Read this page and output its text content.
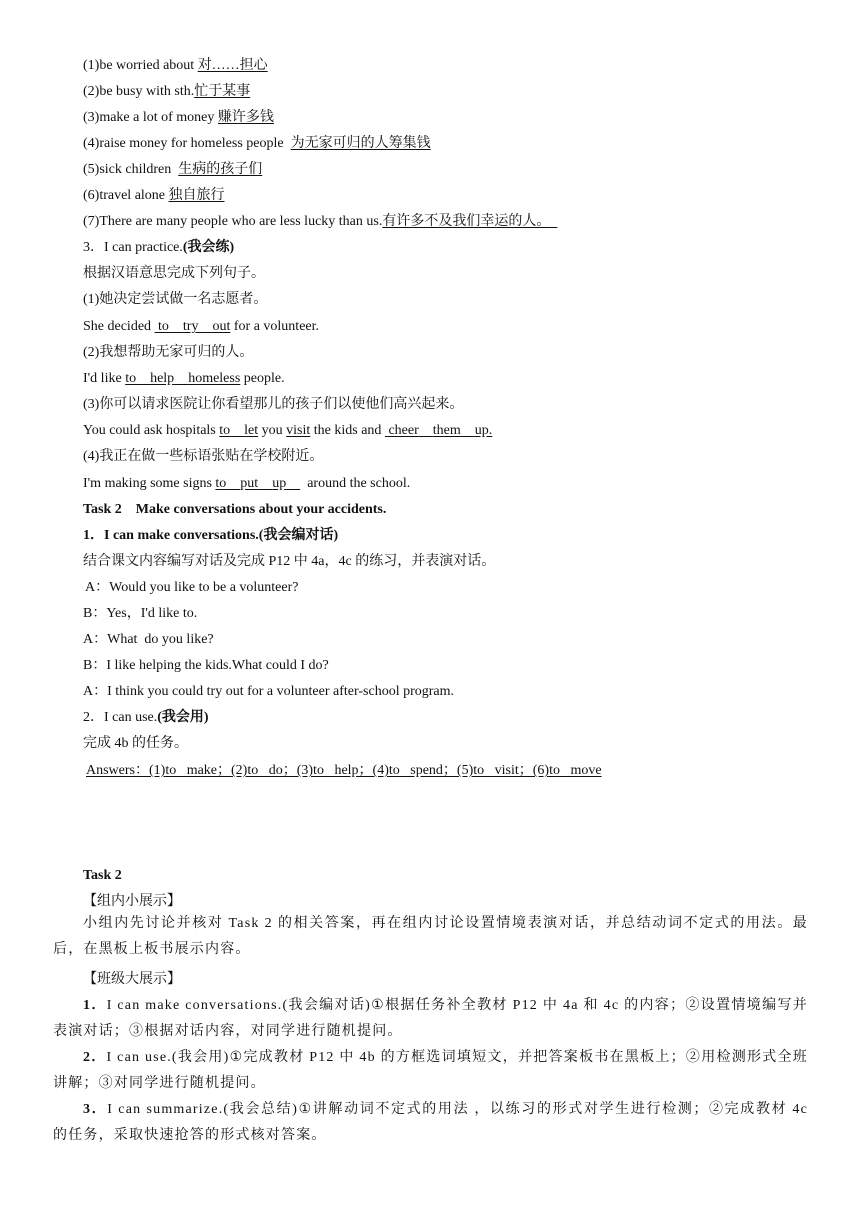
(1)be worried about 对……担心
(2)be busy with sth.忙于某事
(3)make a lot of money 赚许多钱
(4)raise money for homeless people  为无家可归的人筹集钱
(5)sick children  生病的孩子们
(6)travel alone 独自旅行
(7)There are many people who are less lucky than us.有许多不及我们幸运的人。
3．I can practice.(我会练)
根据汉语意思完成下列句子。
(1)她决定尝试做一名志愿者。
She decided  to try out for a volunteer.
(2)我想帮助无家可归的人。
I'd like to help homeless people.
(3)你可以请求医院让你看望那儿的孩子们以使他们高兴起来。
You could ask hospitals to let you visit the kids and  cheer them up.
(4)我正在做一些标语张贴在学校附近。
I'm making some signs to put up      around the school.
Task 2    Make conversations about your accidents.
1．I can make conversations.(我会编对话)
结合课文内容编写对话及完成 P12 中 4a，4c 的练习，并表演对话。
A：Would you like to be a volunteer?
B：Yes，I'd like to.
A：What  do you like?
B：I like helping the kids.What could I do?
A：I think you could try out for a volunteer after-school program.
2．I can use.(我会用)
完成 4b 的任务。
Answers：(1)to   make；(2)to   do；(3)to   help；(4)to   spend；(5)to   visit；(6)to   move
Task 2
【组内小展示】
小组内先讨论并核对 Task 2 的相关答案，再在组内讨论设置情境表演对话，并总结动词不定式的用法。最后，在黑板上板书展示内容。
【班级大展示】
1．I can make conversations.(我会编对话)①根据任务补全教材 P12 中 4a 和 4c 的内容；②设置情境编写并表演对话；③根据对话内容，对同学进行随机提问。
2．I can use.(我会用)①完成教材 P12 中 4b 的方框选词填短文，并把答案板书在黑板上；②用检测形式全班讲解；③对同学进行随机提问。
3．I can summarize.(我会总结)①讲解动词不定式的用法 ，以练习的形式对学生进行检测；②完成教材 4c 的任务，采取快速抢答的形式核对答案。
